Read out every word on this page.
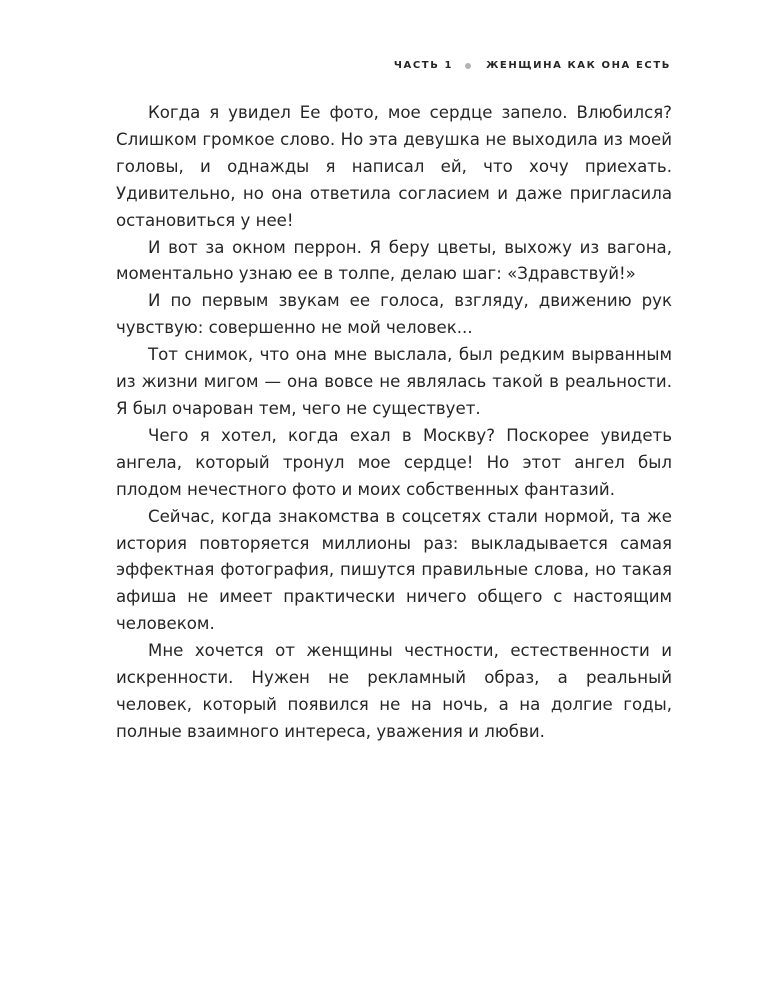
ЧАСТЬ 1	ЖЕНЩИНА КАК ОНА ЕСТЬ

Когда я увидел Ее фото, мое сердце запело. Влюбился? Слишком громкое слово. Но эта девушка не выходила из моей головы, и однажды я написал ей, что хочу приехать. Удивительно, но она ответила согласием и даже пригласила остановиться у нее!

И вот за окном перрон. Я беру цветы, выхожу из вагона, моментально узнаю ее в толпе, делаю шаг: «Здравствуй!»

И по первым звукам ее голоса, взгляду, движению рук чувствую: совершенно не мой человек...

Тот снимок, что она мне выслала, был редким вырванным из жизни мигом — она вовсе не являлась такой в реальности. Я был очарован тем, чего не существует.

Чего я хотел, когда ехал в Москву? Поскорее увидеть ангела, который тронул мое сердце! Но этот ангел был плодом нечестного фото и моих собственных фантазий.

Сейчас, когда знакомства в соцсетях стали нормой, та же история повторяется миллионы раз: выкладывается самая эффектная фотография, пишутся правильные слова, но такая афиша не имеет практически ничего общего с настоящим человеком.

Мне хочется от женщины честности, естественности и искренности. Нужен не рекламный образ, а реальный человек, который появился не на ночь, а на долгие годы, полные взаимного интереса, уважения и любви.
